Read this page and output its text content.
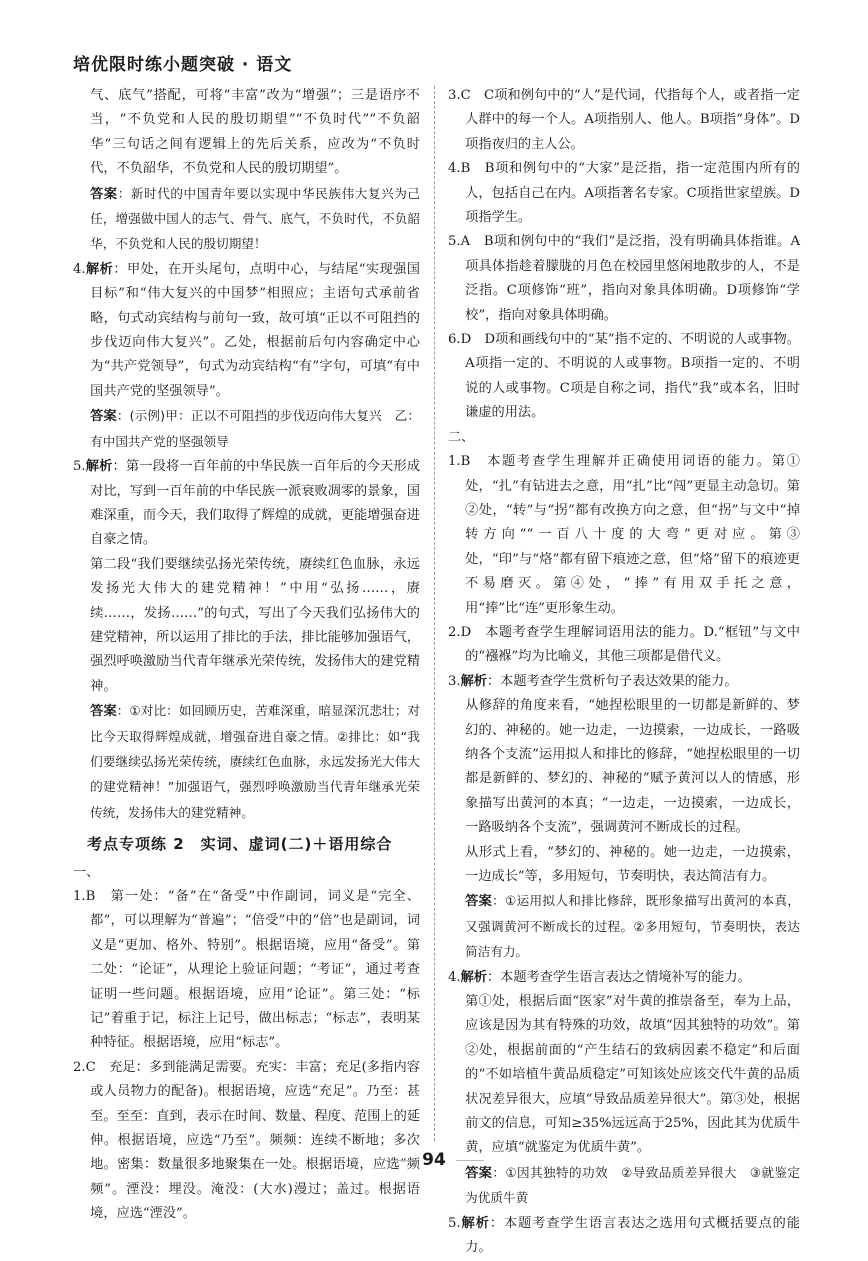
培优限时练小题突破 · 语文

气、底气”搭配，可将“丰富”改为“增强”；三是语序不当，“不负党和人民的殷切期望”“不负时代”“不负韶华”三句话之间有逻辑上的先后关系，应改为“不负时代，不负韶华，不负党和人民的殷切期望”。

答案：新时代的中国青年要以实现中华民族伟大复兴为己任，增强做中国人的志气、骨气、底气，不负时代，不负韶华，不负党和人民的殷切期望！

4.解析：甲处，在开头尾句，点明中心，与结尾“实现强国目标”和“伟大复兴的中国梦”相照应；主语句式承前省略，句式动宾结构与前句一致，故可填“正以不可阻挡的步伐迈向伟大复兴”。乙处，根据前后句内容确定中心为“共产党领导”，句式为动宾结构“有”字句，可填“有中国共产党的坚强领导”。

答案：(示例)甲：正以不可阻挡的步伐迈向伟大复兴　乙：有中国共产党的坚强领导

5.解析：第一段将一百年前的中华民族一百年后的今天形成对比，写到一百年前的中华民族一派衰败凋零的景象，国难深重，而今天，我们取得了辉煌的成就，更能增强奋进自豪之情。

第二段“我们要继续弘扬光荣传统，赓续红色血脉，永远发扬光大伟大的建党精神！”中用“弘扬……，赓续……，发扬……”的句式，写出了今天我们弘扬伟大的建党精神，所以运用了排比的手法，排比能够加强语气，强烈呼唤激励当代青年继承光荣传统，发扬伟大的建党精神。

答案：①对比：如回顾历史，苦难深重，暗显深沉悲壮；对比今天取得辉煌成就，增强奋进自豪之情。②排比：如“我们要继续弘扬光荣传统，赓续红色血脉，永远发扬光大伟大的建党精神！”加强语气，强烈呼唤激励当代青年继承光荣传统，发扬伟大的建党精神。

考点专项练 2　实词、虚词(二)＋语用综合

一、

1.B　第一处：“备”在“备受”中作副词，词义是“完全、都”，可以理解为“普遍”；“倍受”中的“倍”也是副词，词义是“更加、格外、特别”。根据语境，应用“备受”。第二处：“论证”，从理论上验证问题；“考证”，通过考查证明一些问题。根据语境，应用“论证”。第三处：“标记”着重于记，标注上记号，做出标志；“标志”，表明某种特征。根据语境，应用“标志”。

2.C　充足：多到能满足需要。充实：丰富；充足(多指内容或人员物力的配备)。根据语境，应选“充足”。乃至：甚至。至至：直到，表示在时间、数量、程度、范围上的延伸。根据语境，应选“乃至”。频频：连续不断地；多次地。密集：数量很多地聚集在一处。根据语境，应选“频频”。湮没：埋没。淹没：(大水)漫过；盖过。根据语境，应选“湮没”。

3.C　C项和例句中的“人”是代词，代指每个人，或者指一定人群中的每一个人。A项指别人、他人。B项指“身体”。D项指夜归的主人公。

4.B　B项和例句中的“大家”是泛指，指一定范围内所有的人，包括自己在内。A项指著名专家。C项指世家望族。D项指学生。

5.A　B项和例句中的“我们”是泛指，没有明确具体指谁。A项具体指趁着朦胧的月色在校园里悠闲地散步的人，不是泛指。C项修饰“班”，指向对象具体明确。D项修饰“学校”，指向对象具体明确。

6.D　D项和画线句中的“某”指不定的、不明说的人或事物。A项指一定的、不明说的人或事物。B项指一定的、不明说的人或事物。C项是自称之词，指代“我”或本名，旧时谦虚的用法。

二、

1.B　本题考查学生理解并正确使用词语的能力。第①处，“扎”有钻进去之意，用“扎”比“闯”更显主动急切。第②处，“转”与“拐”都有改换方向之意，但“拐”与文中“掉转方向”“一百八十度的大弯”更对应。第③处，“印”与“烙”都有留下痕迹之意，但“烙”留下的痕迹更不易磨灭。第④处，“捧”有用双手托之意，用“捧”比“连”更形象生动。

2.D　本题考查学生理解词语用法的能力。D.“框钮”与文中的“襁褓”均为比喻义，其他三项都是借代义。

3.解析：本题考查学生赏析句子表达效果的能力。

从修辞的角度来看，“她捏松眼里的一切都是新鲜的、梦幻的、神秘的。她一边走，一边摸索，一边成长，一路吸纳各个支流”运用拟人和排比的修辞，“她捏松眼里的一切都是新鲜的、梦幻的、神秘的”赋予黄河以人的情感，形象描写出黄河的本真；“一边走，一边摸索，一边成长，一路吸纳各个支流”，强调黄河不断成长的过程。

从形式上看，“梦幻的、神秘的。她一边走，一边摸索，一边成长”等，多用短句，节奏明快，表达简洁有力。

答案：①运用拟人和排比修辞，既形象描写出黄河的本真，又强调黄河不断成长的过程。②多用短句，节奏明快，表达简洁有力。

4.解析：本题考查学生语言表达之情境补写的能力。

第①处，根据后面“医家”对牛黄的推崇备至，奉为上品，应该是因为其有特殊的功效，故填“因其独特的功效”。第②处，根据前面的“产生结石的致病因素不稳定”和后面的“不如培植牛黄品质稳定”可知该处应该交代牛黄的品质状况差异很大，应填“导致品质差异很大”。第③处，根据前文的信息，可知≥35%远远高于25%，因此其为优质牛黄，应填“就鉴定为优质牛黄”。

答案：①因其独特的功效　②导致品质差异很大　③就鉴定为优质牛黄

5.解析：本题考查学生语言表达之选用句式概括要点的能力。

94
